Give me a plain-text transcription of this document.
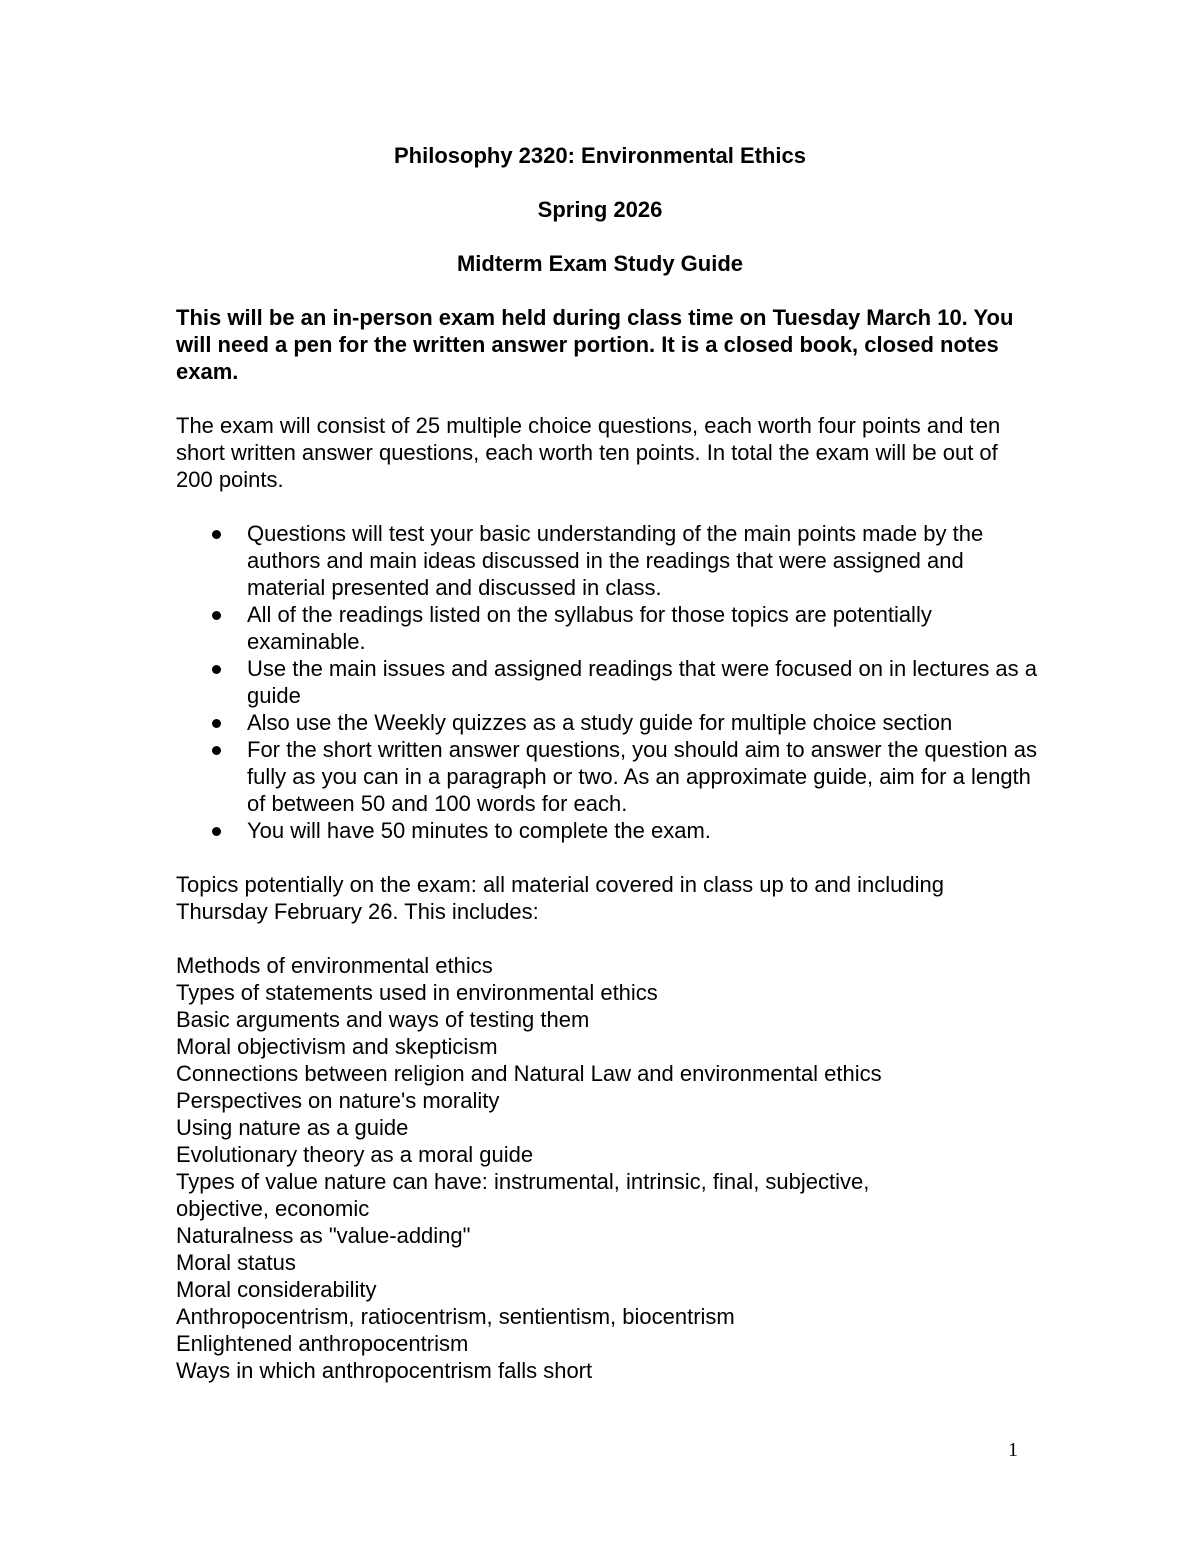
Philosophy 2320: Environmental Ethics

Spring 2026

Midterm Exam Study Guide

This will be an in-person exam held during class time on Tuesday March 10. You will need a pen for the written answer portion. It is a closed book, closed notes exam.

The exam will consist of 25 multiple choice questions, each worth four points and ten short written answer questions, each worth ten points. In total the exam will be out of 200 points.

Questions will test your basic understanding of the main points made by the authors and main ideas discussed in the readings that were assigned and material presented and discussed in class.
All of the readings listed on the syllabus for those topics are potentially examinable.
Use the main issues and assigned readings that were focused on in lectures as a guide
Also use the Weekly quizzes as a study guide for multiple choice section
For the short written answer questions, you should aim to answer the question as fully as you can in a paragraph or two. As an approximate guide, aim for a length of between 50 and 100 words for each.
You will have 50 minutes to complete the exam.

Topics potentially on the exam: all material covered in class up to and including Thursday February 26. This includes:

Methods of environmental ethics
Types of statements used in environmental ethics
Basic arguments and ways of testing them
Moral objectivism and skepticism
Connections between religion and Natural Law and environmental ethics
Perspectives on nature's morality
Using nature as a guide
Evolutionary theory as a moral guide
Types of value nature can have: instrumental, intrinsic, final, subjective, objective, economic
Naturalness as "value-adding"
Moral status
Moral considerability
Anthropocentrism, ratiocentrism, sentientism, biocentrism
Enlightened anthropocentrism
Ways in which anthropocentrism falls short
1
